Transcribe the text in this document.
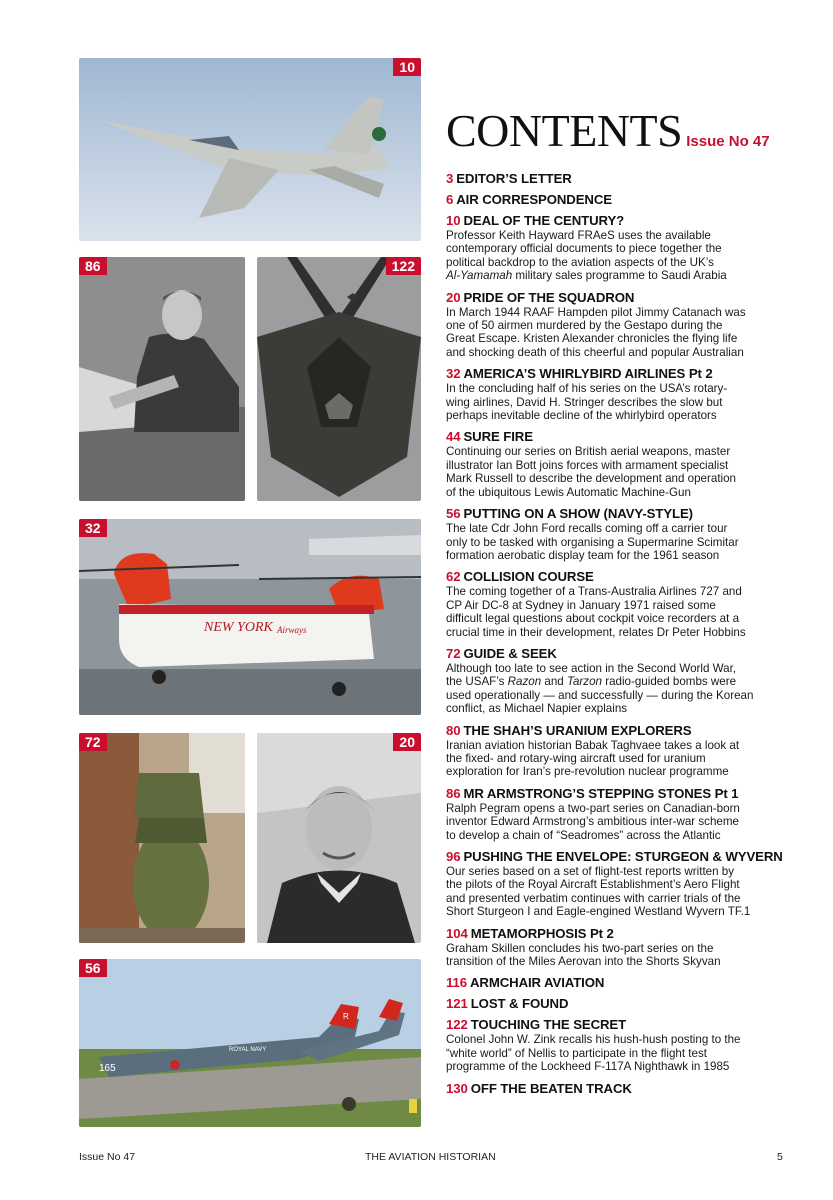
10
86	122
NEW YORK Airways
32
72	20
165
ROYAL NAVY
R
56
CONTENTS Issue No 47
3 EDITOR’S LETTER
6 AIR CORRESPONDENCE
10 DEAL OF THE CENTURY?
Professor Keith Hayward FRAeS uses the available
contemporary official documents to piece together the
political backdrop to the aviation aspects of the UK’s
Al-Yamamah military sales programme to Saudi Arabia
20 PRIDE OF THE SQUADRON
In March 1944 RAAF Hampden pilot Jimmy Catanach was
one of 50 airmen murdered by the Gestapo during the
Great Escape. Kristen Alexander chronicles the flying life
and shocking death of this cheerful and popular Australian
32 AMERICA’S WHIRLYBIRD AIRLINES Pt 2
In the concluding half of his series on the USA’s rotary-
wing airlines, David H. Stringer describes the slow but
perhaps inevitable decline of the whirlybird operators
44 SURE FIRE
Continuing our series on British aerial weapons, master
illustrator Ian Bott joins forces with armament specialist
Mark Russell to describe the development and operation
of the ubiquitous Lewis Automatic Machine-Gun
56 PUTTING ON A SHOW (NAVY-STYLE)
The late Cdr John Ford recalls coming off a carrier tour
only to be tasked with organising a Supermarine Scimitar
formation aerobatic display team for the 1961 season
62 COLLISION COURSE
The coming together of a Trans-Australia Airlines 727 and
CP Air DC-8 at Sydney in January 1971 raised some
difficult legal questions about cockpit voice recorders at a
crucial time in their development, relates Dr Peter Hobbins
72 GUIDE & SEEK
Although too late to see action in the Second World War,
the USAF’s Razon and Tarzon radio-guided bombs were
used operationally — and successfully — during the Korean
conflict, as Michael Napier explains
80 THE SHAH’S URANIUM EXPLORERS
Iranian aviation historian Babak Taghvaee takes a look at
the fixed- and rotary-wing aircraft used for uranium
exploration for Iran’s pre-revolution nuclear programme
86 MR ARMSTRONG’S STEPPING STONES Pt 1
Ralph Pegram opens a two-part series on Canadian-born
inventor Edward Armstrong’s ambitious inter-war scheme
to develop a chain of “Seadromes” across the Atlantic
96 PUSHING THE ENVELOPE: STURGEON & WYVERN
Our series based on a set of flight-test reports written by
the pilots of the Royal Aircraft Establishment’s Aero Flight
and presented verbatim continues with carrier trials of the
Short Sturgeon I and Eagle-engined Westland Wyvern TF.1
104 METAMORPHOSIS Pt 2
Graham Skillen concludes his two-part series on the
transition of the Miles Aerovan into the Shorts Skyvan
116 ARMCHAIR AVIATION
121 LOST & FOUND
122 TOUCHING THE SECRET
Colonel John W. Zink recalls his hush-hush posting to the
“white world” of Nellis to participate in the flight test
programme of the Lockheed F-117A Nighthawk in 1985
130 OFF THE BEATEN TRACK
Issue No 47	THE AVIATION HISTORIAN	5
